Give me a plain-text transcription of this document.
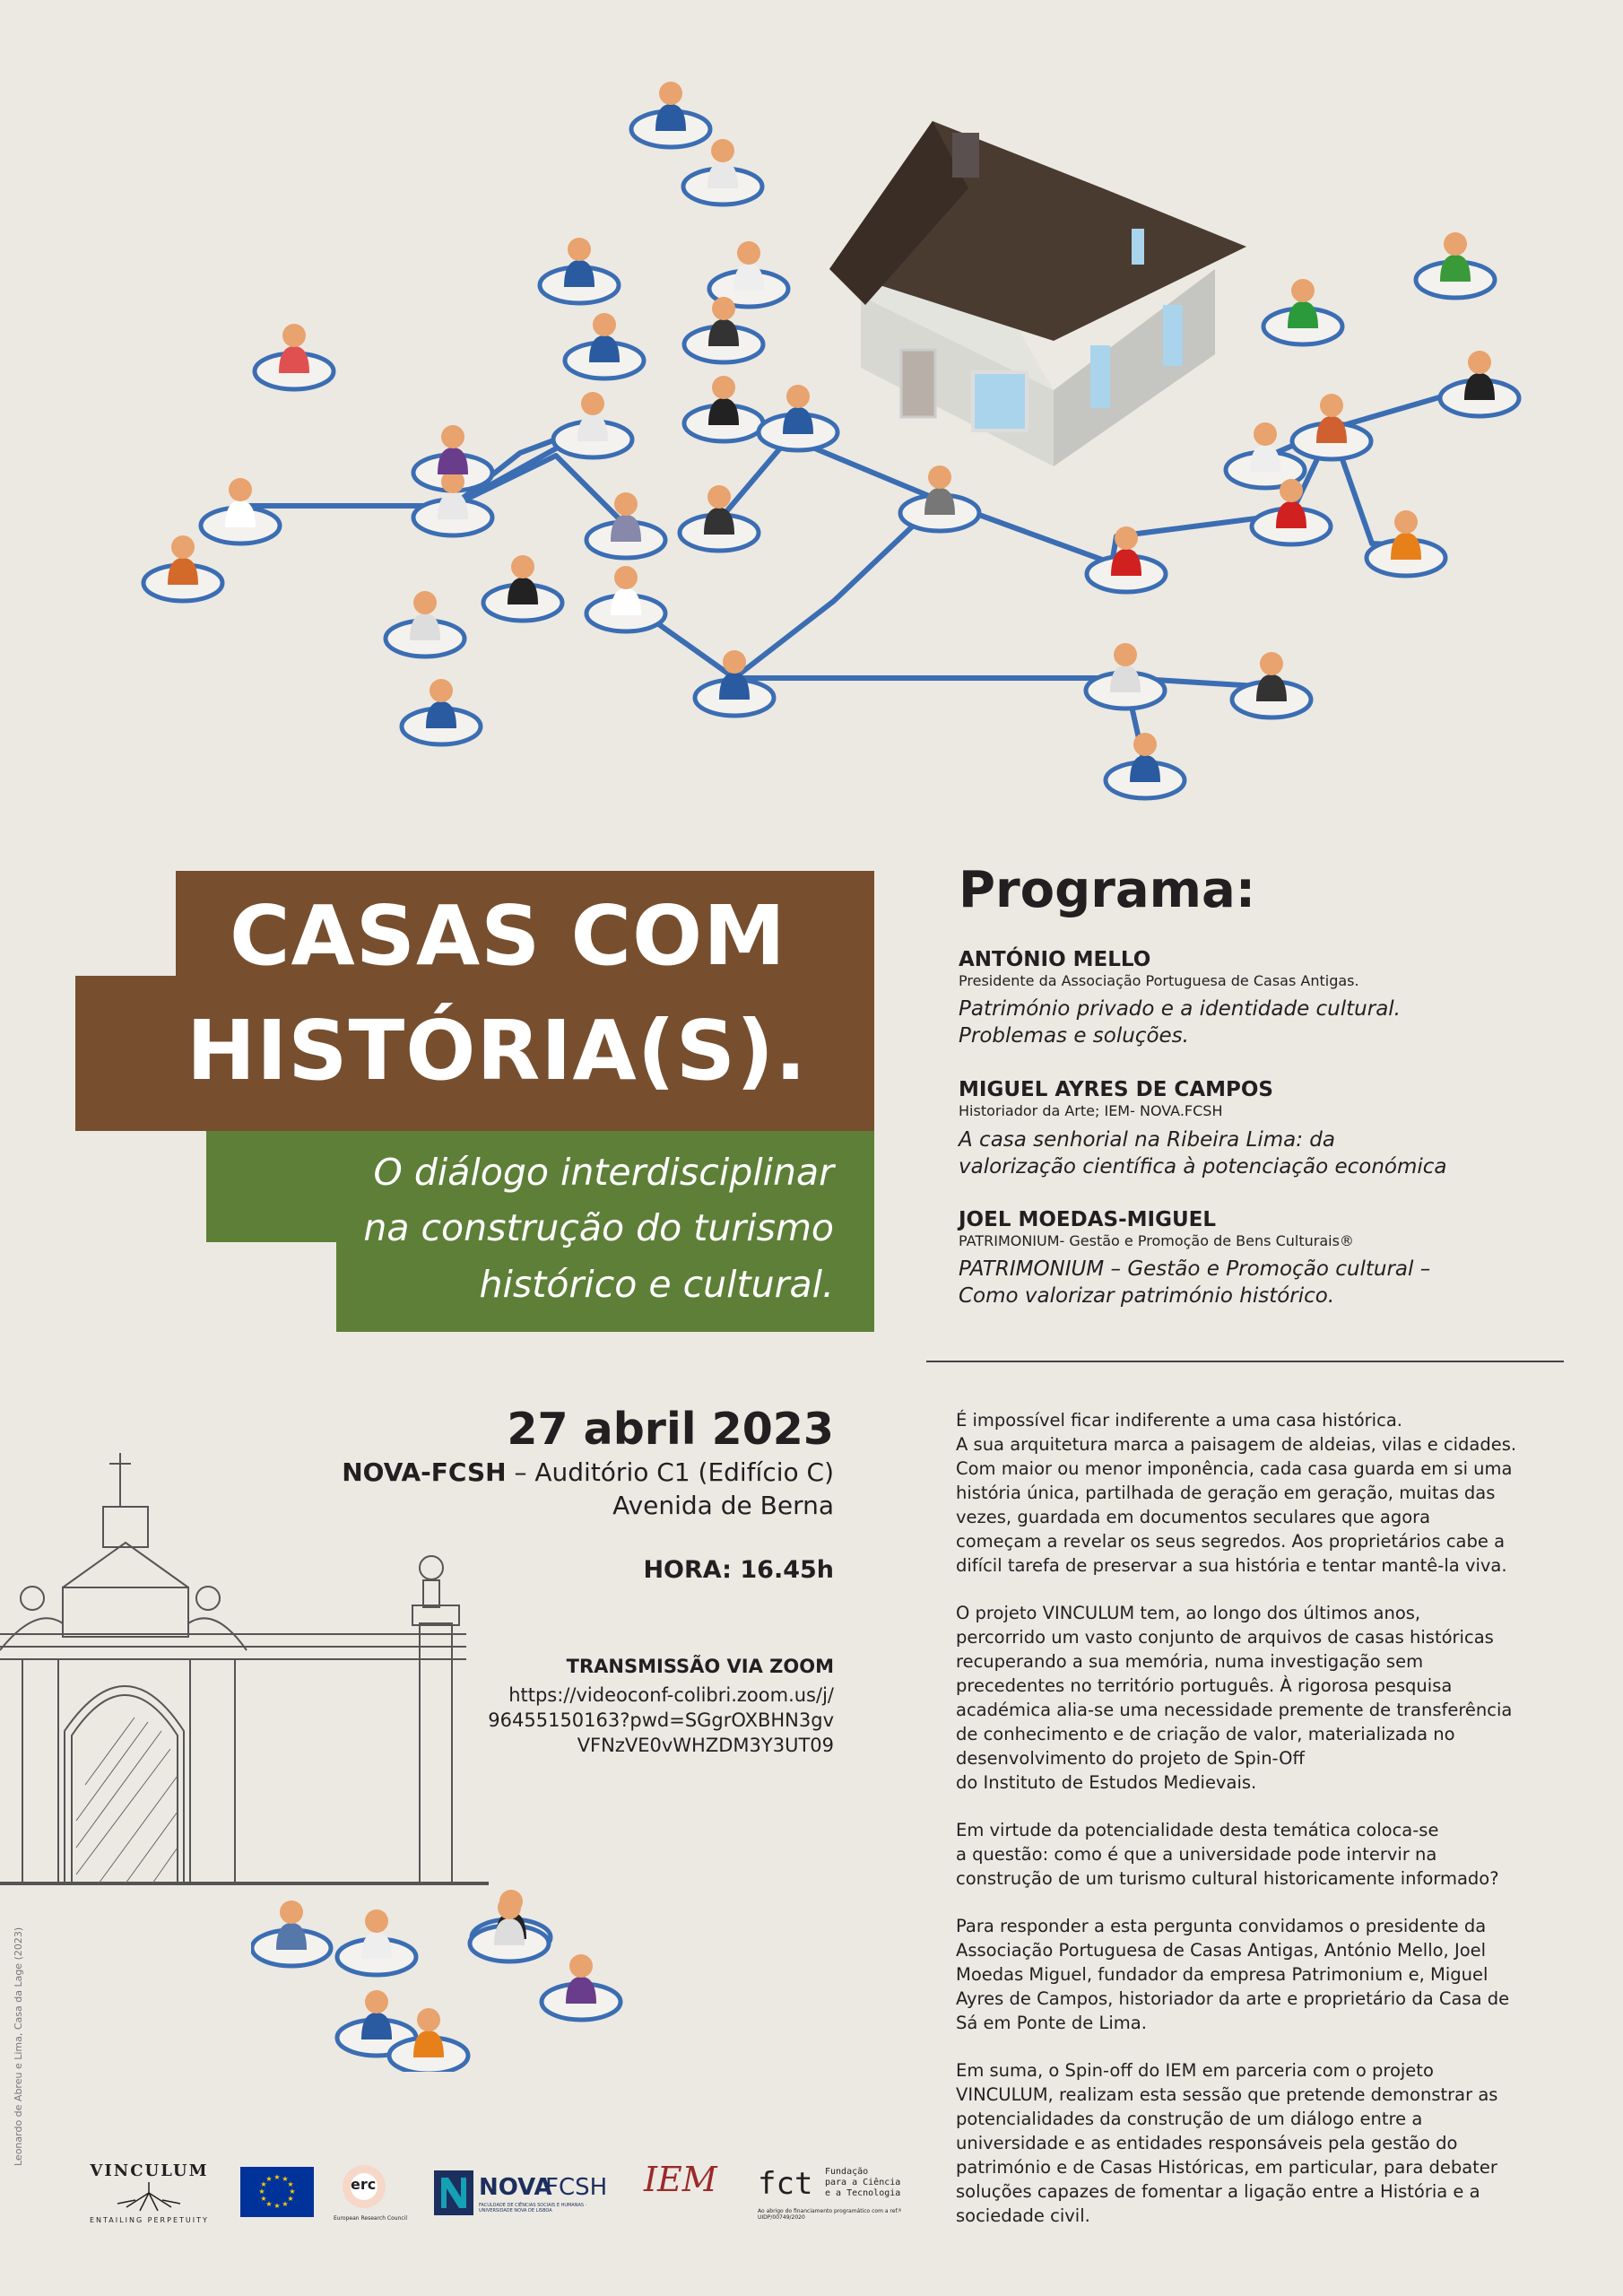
CASAS COM
HISTÓRIA(S).
O diálogo interdisciplinar
na construção do turismo
histórico e cultural.
Programa:
ANTÓNIO MELLO
Presidente da Associação Portuguesa de Casas Antigas.
Património privado e a identidade cultural.
Problemas e soluções.
MIGUEL AYRES DE CAMPOS
Historiador da Arte; IEM- NOVA.FCSH
A casa senhorial na Ribeira Lima: da
valorização científica à potenciação económica
JOEL MOEDAS-MIGUEL
PATRIMONIUM- Gestão e Promoção de Bens Culturais®
PATRIMONIUM – Gestão e Promoção cultural –
Como valorizar património histórico.
27 abril 2023
NOVA-FCSH – Auditório C1 (Edifício C)
Avenida de Berna
HORA: 16.45h
TRANSMISSÃO VIA ZOOM
https://videoconf-colibri.zoom.us/j/
96455150163?pwd=SGgrOXBHN3gv
VFNzVE0vWHZDM3Y3UT09

É impossível ficar indiferente a uma casa histórica.
A sua arquitetura marca a paisagem de aldeias, vilas e cidades.
Com maior ou menor imponência, cada casa guarda em si uma
história única, partilhada de geração em geração, muitas das
vezes, guardada em documentos seculares que agora
começam a revelar os seus segredos. Aos proprietários cabe a
difícil tarefa de preservar a sua história e tentar mantê-la viva.

O projeto VINCULUM tem, ao longo dos últimos anos,
percorrido um vasto conjunto de arquivos de casas históricas
recuperando a sua memória, numa investigação sem
precedentes no território português. À rigorosa pesquisa
académica alia-se uma necessidade premente de transferência
de conhecimento e de criação de valor, materializada no
desenvolvimento do projeto de Spin-Off
do Instituto de Estudos Medievais.

Em virtude da potencialidade desta temática coloca-se
a questão: como é que a universidade pode intervir na
construção de um turismo cultural historicamente informado?

Para responder a esta pergunta convidamos o presidente da
Associação Portuguesa de Casas Antigas, António Mello, Joel
Moedas Miguel, fundador da empresa Patrimonium e, Miguel
Ayres de Campos, historiador da arte e proprietário da Casa de
Sá em Ponte de Lima.

Em suma, o Spin-off do IEM em parceria com o projeto
VINCULUM, realizam esta sessão que pretende demonstrar as
potencialidades da construção de um diálogo entre a
universidade e as entidades responsáveis pela gestão do
património e de Casas Históricas, em particular, para debater
soluções capazes de fomentar a ligação entre a História e a
sociedade civil.

Leonardo de Abreu e Lima, Casa da Lage (2023)
VINCULUM
ENTAILING PERPETUITY
★ ★
★
★
★
★
★
★
★
★
★
★	erc
European Research Council
NOVA
FCSH
FACULDADE DE CIÊNCIAS SOCIAIS E HUMANAS · UNIVERSIDADE NOVA DE LISBOA
IEM fct Fundação
para a Ciência
e a Tecnologia
Ao abrigo do financiamento programático com a ref.ª UIDP/00749/2020
